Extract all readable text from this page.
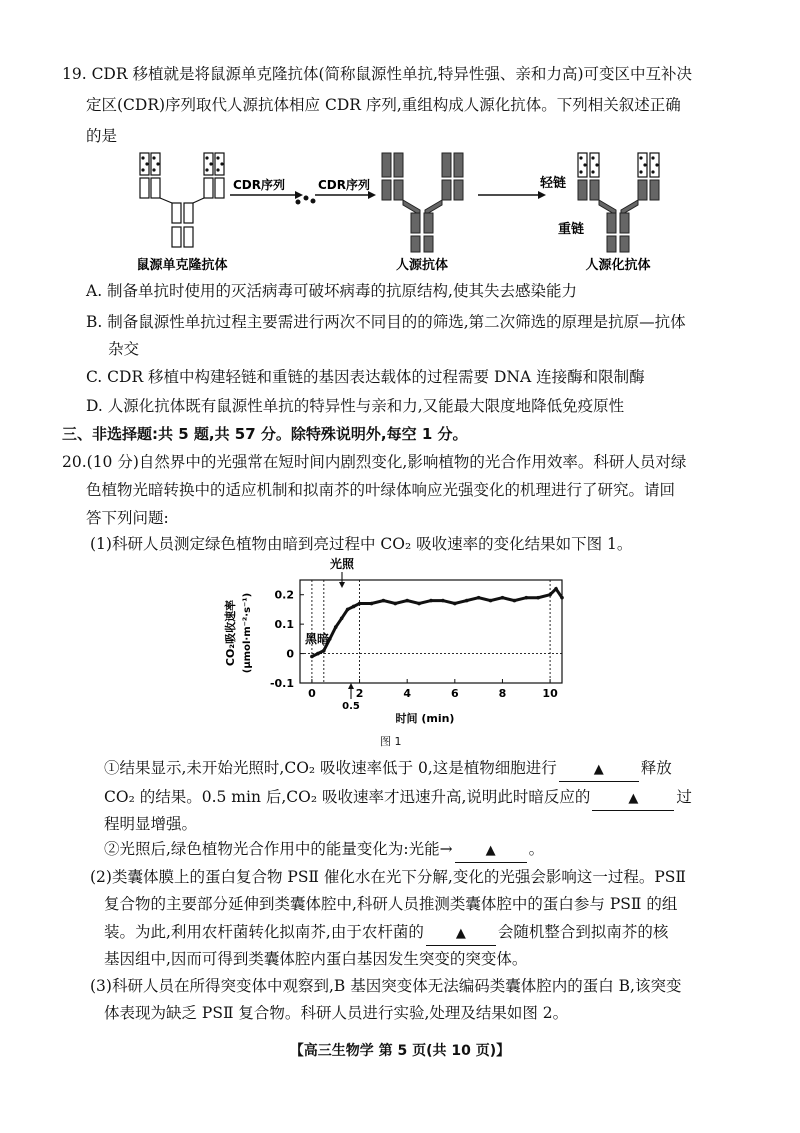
19. CDR 移植就是将鼠源单克隆抗体(简称鼠源性单抗,特异性强、亲和力高)可变区中互补决
定区(CDR)序列取代人源抗体相应 CDR 序列,重组构成人源化抗体。下列相关叙述正确
的是
鼠源单克隆抗体
CDR序列	CDR序列
人源抗体
轻链
重链
人源化抗体
A. 制备单抗时使用的灭活病毒可破坏病毒的抗原结构,使其失去感染能力
B. 制备鼠源性单抗过程主要需进行两次不同目的的筛选,第二次筛选的原理是抗原—抗体
杂交
C. CDR 移植中构建轻链和重链的基因表达载体的过程需要 DNA 连接酶和限制酶
D. 人源化抗体既有鼠源性单抗的特异性与亲和力,又能最大限度地降低免疫原性
三、非选择题:共 5 题,共 57 分。除特殊说明外,每空 1 分。
20.(10 分)自然界中的光强常在短时间内剧烈变化,影响植物的光合作用效率。科研人员对绿
色植物光暗转换中的适应机制和拟南芥的叶绿体响应光强变化的机理进行了研究。请回
答下列问题:
(1)科研人员测定绿色植物由暗到亮过程中 CO₂ 吸收速率的变化结果如下图 1。
0	2	4	6	8	10
-0.1
0
0.1
0.2
光照
黑暗
CO₂吸收速率 (μmol·m⁻²·s⁻¹)
时间 (min)
0.5
图 1
①结果显示,未开始光照时,CO₂ 吸收速率低于 0,这是植物细胞进行	▲ 释放
CO₂ 的结果。0.5 min 后,CO₂ 吸收速率才迅速升高,说明此时暗反应的	▲ 过
程明显增强。
②光照后,绿色植物光合作用中的能量变化为:光能→	▲ 。
(2)类囊体膜上的蛋白复合物 PSⅡ 催化水在光下分解,变化的光强会影响这一过程。PSⅡ
复合物的主要部分延伸到类囊体腔中,科研人员推测类囊体腔中的蛋白参与 PSⅡ 的组
装。为此,利用农杆菌转化拟南芥,由于农杆菌的 ▲ 会随机整合到拟南芥的核
基因组中,因而可得到类囊体腔内蛋白基因发生突变的突变体。
(3)科研人员在所得突变体中观察到,B 基因突变体无法编码类囊体腔内的蛋白 B,该突变
体表现为缺乏 PSⅡ 复合物。科研人员进行实验,处理及结果如图 2。
【高三生物学 第 5 页(共 10 页)】
